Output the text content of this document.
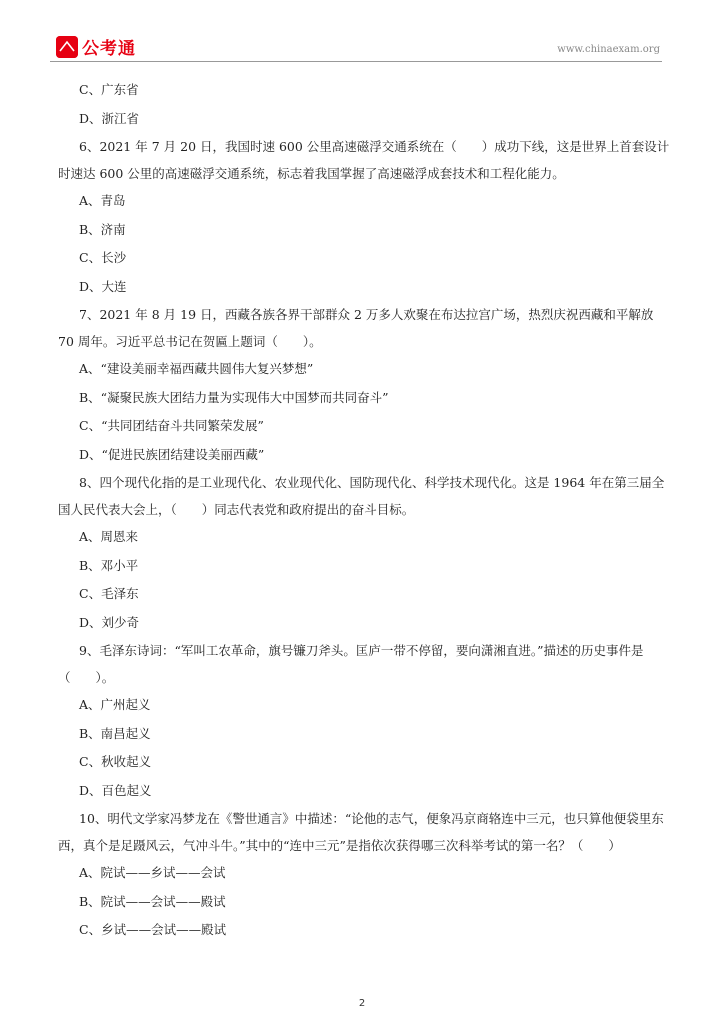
公考通	www.chinaexam.org

C、广东省

D、浙江省

6、2021 年 7 月 20 日，我国时速 600 公里高速磁浮交通系统在（　　）成功下线，这是世界上首套设计时速达 600 公里的高速磁浮交通系统，标志着我国掌握了高速磁浮成套技术和工程化能力。

A、青岛

B、济南

C、长沙

D、大连

7、2021 年 8 月 19 日，西藏各族各界干部群众 2 万多人欢聚在布达拉宫广场，热烈庆祝西藏和平解放 70 周年。习近平总书记在贺匾上题词（　　）。

A、“建设美丽幸福西藏共圆伟大复兴梦想”

B、“凝聚民族大团结力量为实现伟大中国梦而共同奋斗”

C、“共同团结奋斗共同繁荣发展”

D、“促进民族团结建设美丽西藏”

8、四个现代化指的是工业现代化、农业现代化、国防现代化、科学技术现代化。这是 1964 年在第三届全国人民代表大会上，（　　）同志代表党和政府提出的奋斗目标。

A、周恩来

B、邓小平

C、毛泽东

D、刘少奇

9、毛泽东诗词：“军叫工农革命，旗号镰刀斧头。匡庐一带不停留，要向潇湘直进。”描述的历史事件是（　　）。

A、广州起义

B、南昌起义

C、秋收起义

D、百色起义

10、明代文学家冯梦龙在《警世通言》中描述：“论他的志气，便象冯京商辂连中三元，也只算他便袋里东西，真个是足蹑风云，气冲斗牛。”其中的“连中三元”是指依次获得哪三次科举考试的第一名？（　　）

A、院试——乡试——会试

B、院试——会试——殿试

C、乡试——会试——殿试

2
